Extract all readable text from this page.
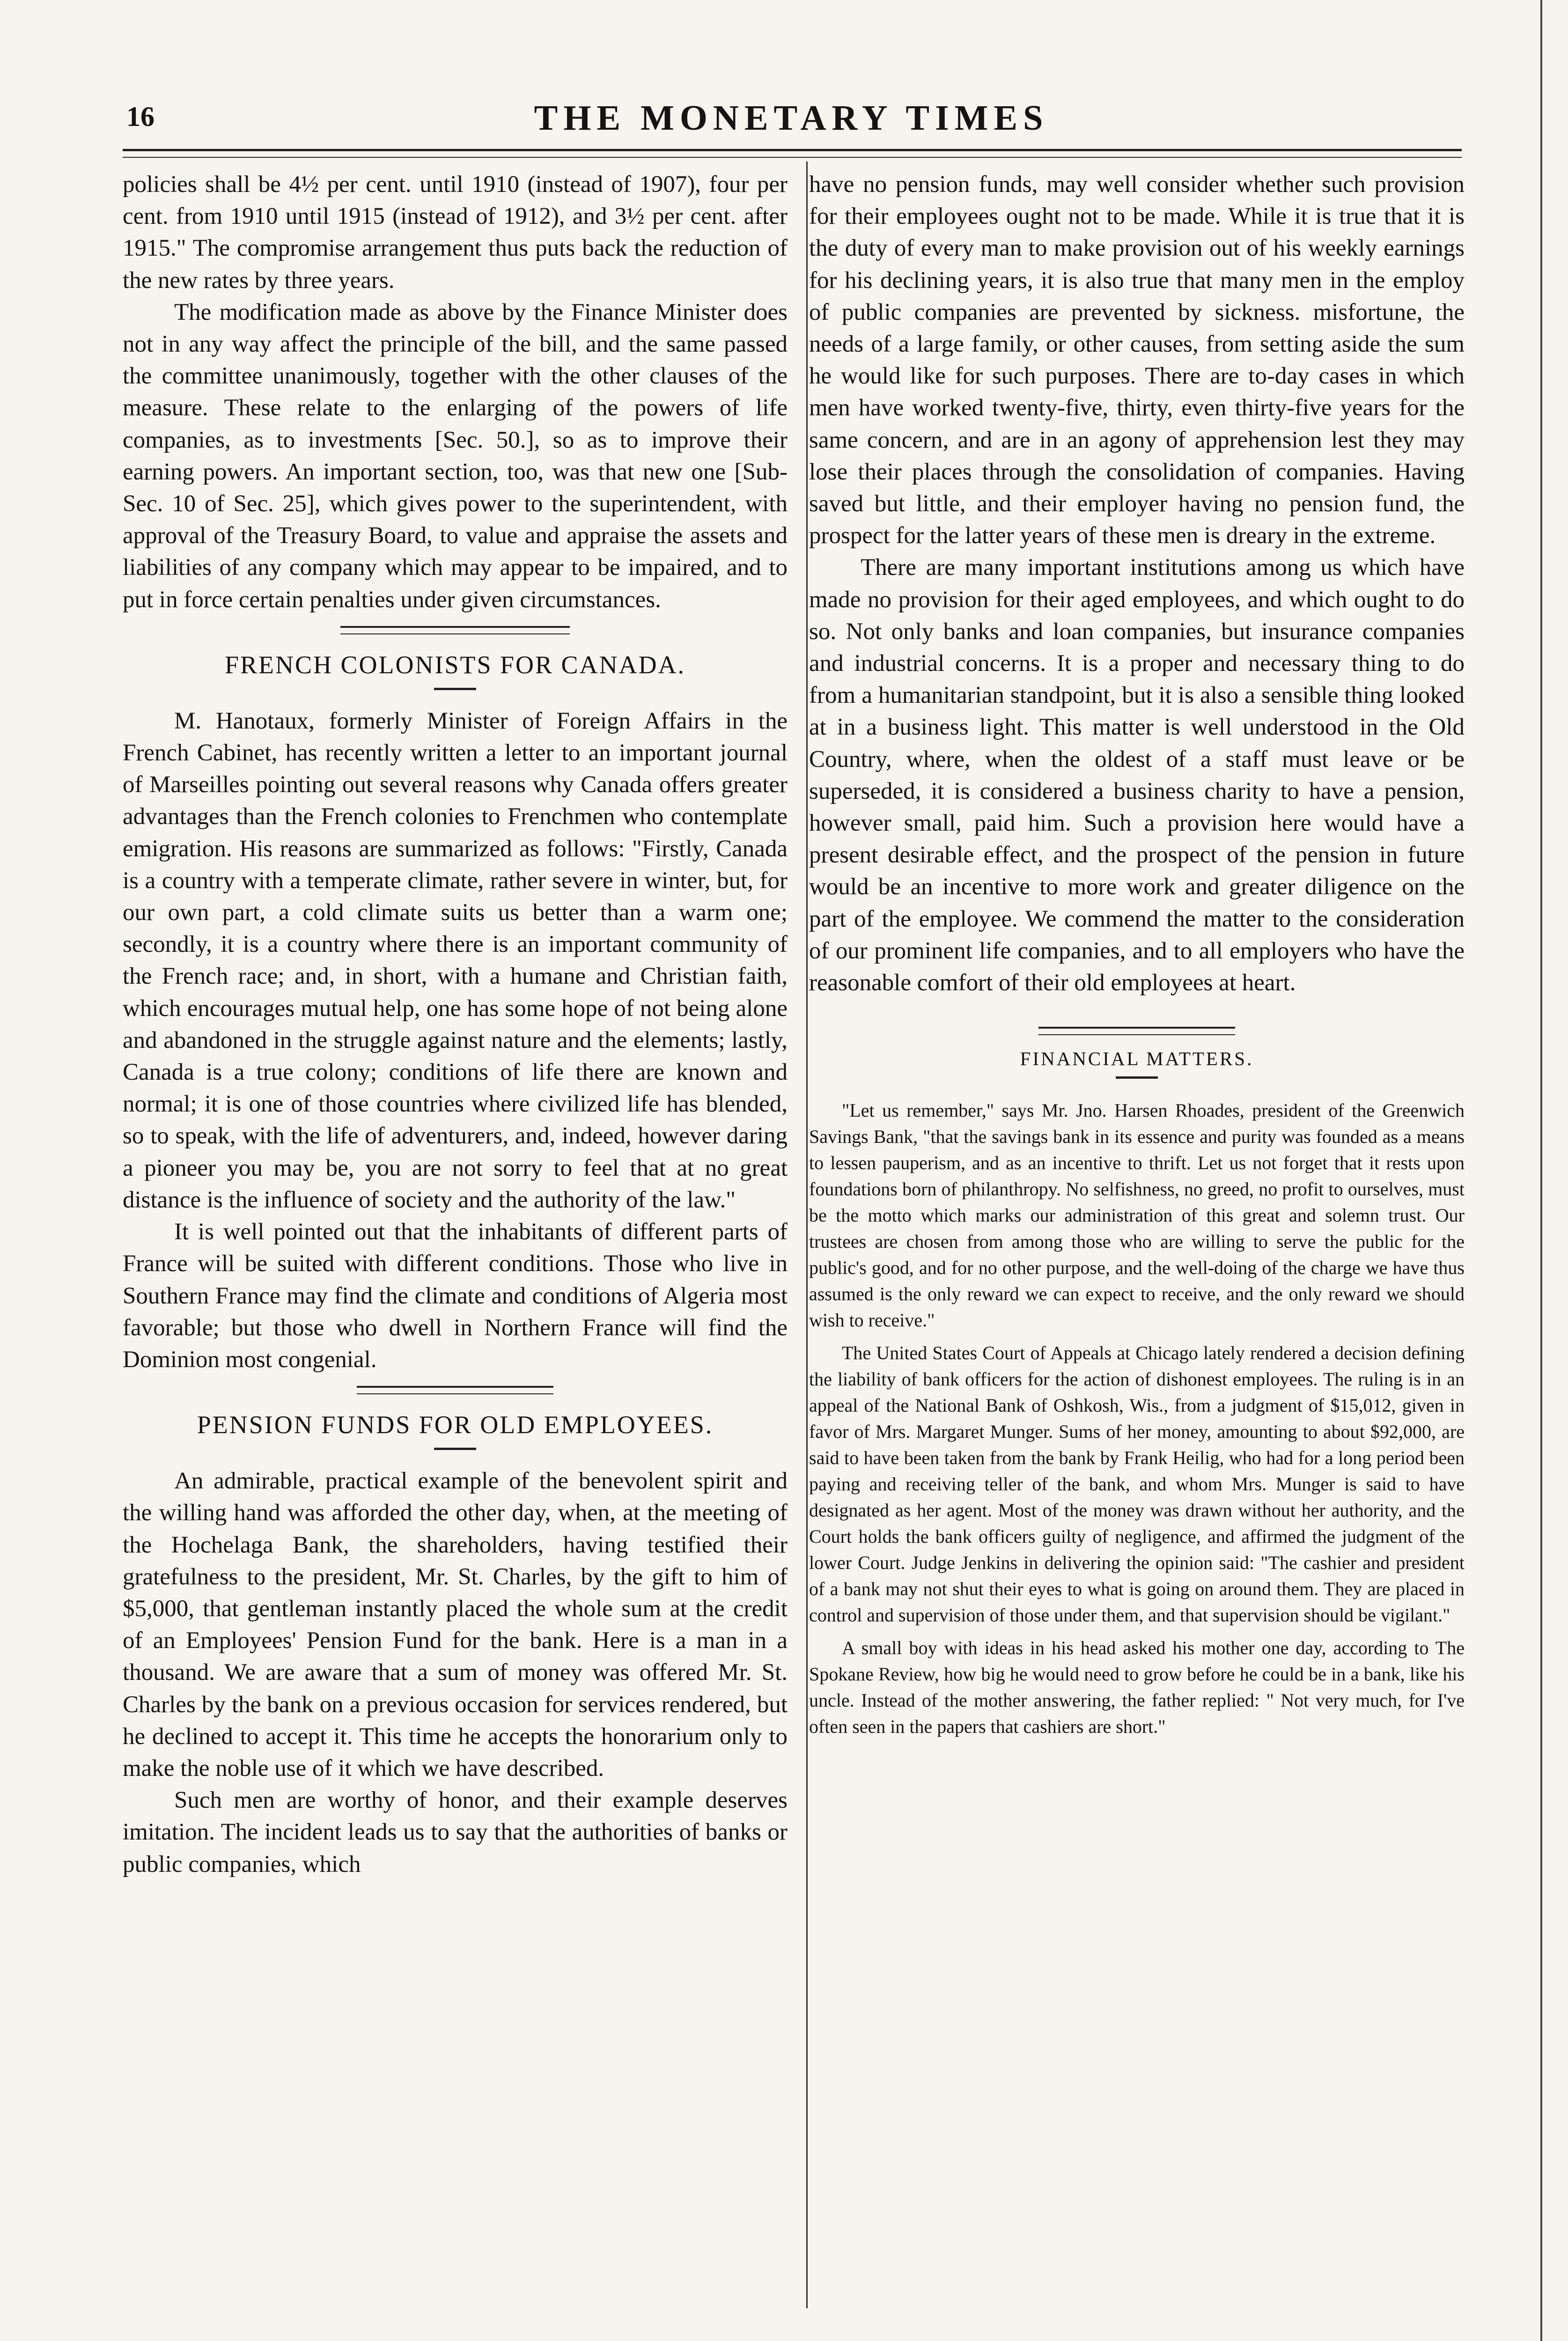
16	THE MONETARY TIMES

policies shall be 4½ per cent. until 1910 (instead of 1907), four per cent. from 1910 until 1915 (instead of 1912), and 3½ per cent. after 1915." The compromise arrangement thus puts back the reduction of the new rates by three years.

The modification made as above by the Finance Minister does not in any way affect the principle of the bill, and the same passed the committee unanimously, together with the other clauses of the measure. These relate to the enlarging of the powers of life companies, as to investments [Sec. 50.], so as to improve their earning powers. An important section, too, was that new one [Sub-Sec. 10 of Sec. 25], which gives power to the superintendent, with approval of the Treasury Board, to value and appraise the assets and liabilities of any company which may appear to be impaired, and to put in force certain penalties under given circumstances.

FRENCH COLONISTS FOR CANADA.

M. Hanotaux, formerly Minister of Foreign Affairs in the French Cabinet, has recently written a letter to an important journal of Marseilles pointing out several reasons why Canada offers greater advantages than the French colonies to Frenchmen who contemplate emigration. His reasons are summarized as follows: "Firstly, Canada is a country with a temperate climate, rather severe in winter, but, for our own part, a cold climate suits us better than a warm one; secondly, it is a country where there is an important community of the French race; and, in short, with a humane and Christian faith, which encourages mutual help, one has some hope of not being alone and abandoned in the struggle against nature and the elements; lastly, Canada is a true colony; conditions of life there are known and normal; it is one of those countries where civilized life has blended, so to speak, with the life of adventurers, and, indeed, however daring a pioneer you may be, you are not sorry to feel that at no great distance is the influence of society and the authority of the law."

It is well pointed out that the inhabitants of different parts of France will be suited with different conditions. Those who live in Southern France may find the climate and conditions of Algeria most favorable; but those who dwell in Northern France will find the Dominion most congenial.

PENSION FUNDS FOR OLD EMPLOYEES.

An admirable, practical example of the benevolent spirit and the willing hand was afforded the other day, when, at the meeting of the Hochelaga Bank, the shareholders, having testified their gratefulness to the president, Mr. St. Charles, by the gift to him of $5,000, that gentleman instantly placed the whole sum at the credit of an Employees' Pension Fund for the bank. Here is a man in a thousand. We are aware that a sum of money was offered Mr. St. Charles by the bank on a previous occasion for services rendered, but he declined to accept it. This time he accepts the honorarium only to make the noble use of it which we have described.

Such men are worthy of honor, and their example deserves imitation. The incident leads us to say that the authorities of banks or public companies, which

have no pension funds, may well consider whether such provision for their employees ought not to be made. While it is true that it is the duty of every man to make provision out of his weekly earnings for his declining years, it is also true that many men in the employ of public companies are prevented by sickness. misfortune, the needs of a large family, or other causes, from setting aside the sum he would like for such purposes. There are to-day cases in which men have worked twenty-five, thirty, even thirty-five years for the same concern, and are in an agony of apprehension lest they may lose their places through the consolidation of companies. Having saved but little, and their employer having no pension fund, the prospect for the latter years of these men is dreary in the extreme.

There are many important institutions among us which have made no provision for their aged employees, and which ought to do so. Not only banks and loan companies, but insurance companies and industrial concerns. It is a proper and necessary thing to do from a humanitarian standpoint, but it is also a sensible thing looked at in a business light. This matter is well understood in the Old Country, where, when the oldest of a staff must leave or be superseded, it is considered a business charity to have a pension, however small, paid him. Such a provision here would have a present desirable effect, and the prospect of the pension in future would be an incentive to more work and greater diligence on the part of the employee. We commend the matter to the consideration of our prominent life companies, and to all employers who have the reasonable comfort of their old employees at heart.

FINANCIAL MATTERS.

"Let us remember," says Mr. Jno. Harsen Rhoades, president of the Greenwich Savings Bank, "that the savings bank in its essence and purity was founded as a means to lessen pauperism, and as an incentive to thrift. Let us not forget that it rests upon foundations born of philanthropy. No selfishness, no greed, no profit to ourselves, must be the motto which marks our administration of this great and solemn trust. Our trustees are chosen from among those who are willing to serve the public for the public's good, and for no other purpose, and the well-doing of the charge we have thus assumed is the only reward we can expect to receive, and the only reward we should wish to receive."

The United States Court of Appeals at Chicago lately rendered a decision defining the liability of bank officers for the action of dishonest employees. The ruling is in an appeal of the National Bank of Oshkosh, Wis., from a judgment of $15,012, given in favor of Mrs. Margaret Munger. Sums of her money, amounting to about $92,000, are said to have been taken from the bank by Frank Heilig, who had for a long period been paying and receiving teller of the bank, and whom Mrs. Munger is said to have designated as her agent. Most of the money was drawn without her authority, and the Court holds the bank officers guilty of negligence, and affirmed the judgment of the lower Court. Judge Jenkins in delivering the opinion said: "The cashier and president of a bank may not shut their eyes to what is going on around them. They are placed in control and supervision of those under them, and that supervision should be vigilant."

A small boy with ideas in his head asked his mother one day, according to The Spokane Review, how big he would need to grow before he could be in a bank, like his uncle. Instead of the mother answering, the father replied: " Not very much, for I've often seen in the papers that cashiers are short."
